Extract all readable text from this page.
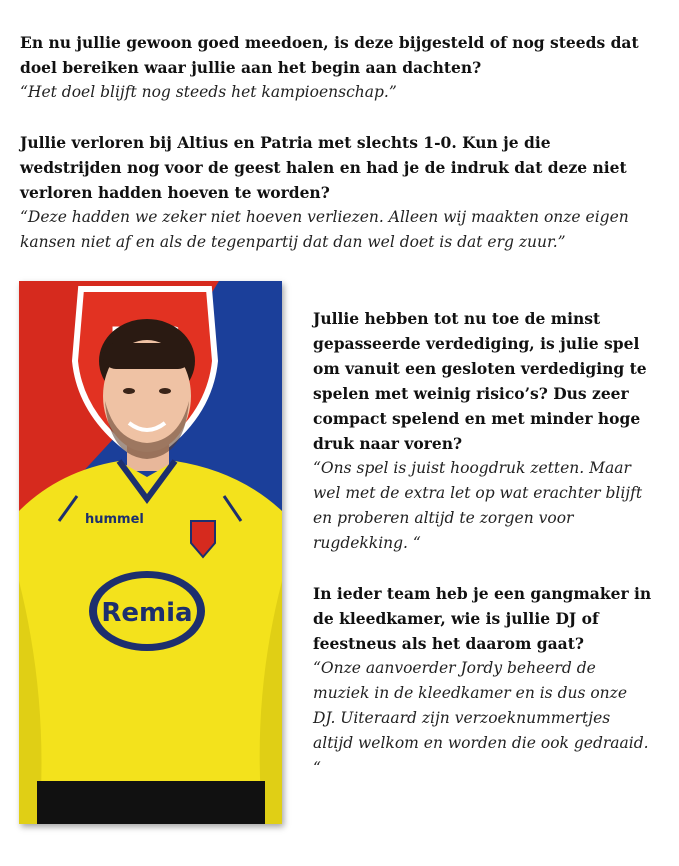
En nu jullie gewoon goed meedoen, is deze bijgesteld of nog steeds dat doel bereiken waar jullie aan het begin aan dachten?

“Het doel blijft nog steeds het kampioenschap.”

Jullie verloren bij Altius en Patria met slechts 1-0. Kun je die wedstrijden nog voor de geest halen en had je de indruk dat deze niet verloren hadden hoeven te worden?

“Deze hadden we zeker niet hoeven verliezen. Alleen wij maakten onze eigen kansen niet af en als de tegenpartij dat dan wel doet is dat erg zuur.”

hummel
Remia

Jullie hebben tot nu toe de minst gepasseerde verdediging, is julie spel om vanuit een gesloten verdediging te spelen met weinig risico’s? Dus zeer compact spelend en met minder hoge druk naar voren?

“Ons spel is juist hoogdruk zetten. Maar wel met de extra let op wat erachter blijft en proberen altijd te zorgen voor rugdekking. “

In ieder team heb je een gangmaker in de kleedkamer, wie is jullie DJ of feestneus als het daarom gaat?

“Onze aanvoerder Jordy beheerd de muziek in de kleedkamer en is dus onze DJ. Uiteraard zijn verzoeknummertjes altijd welkom en worden die ook gedraaid. “
